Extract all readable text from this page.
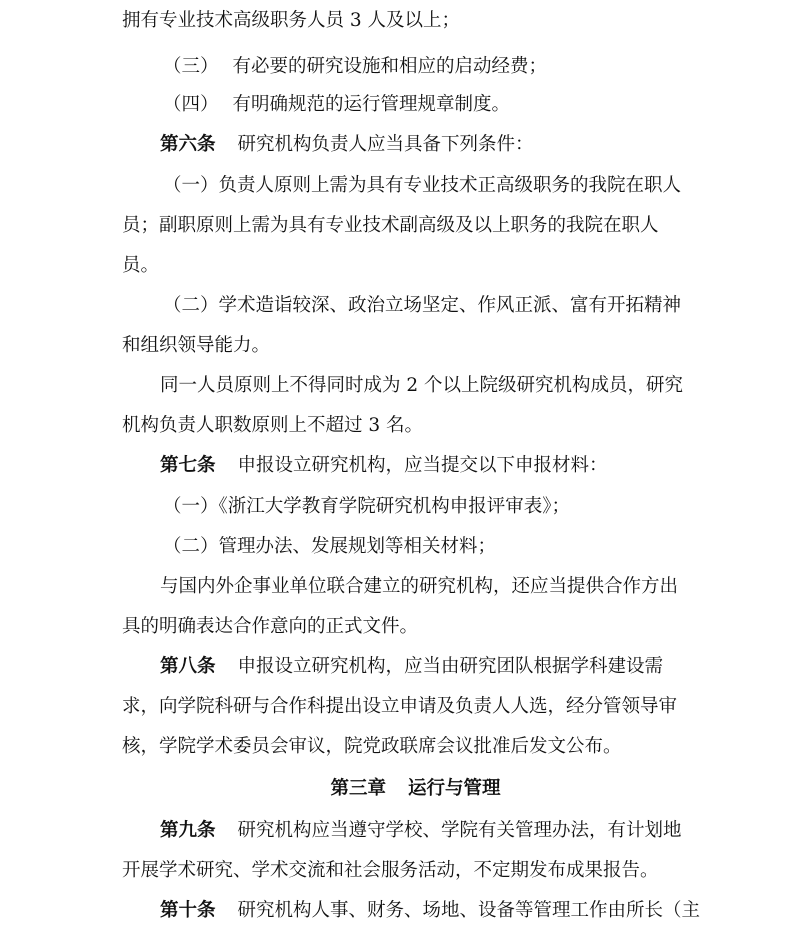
拥有专业技术高级职务人员 3 人及以上；
（三） 有必要的研究设施和相应的启动经费；
（四） 有明确规范的运行管理规章制度。
第六条 研究机构负责人应当具备下列条件：
（一）负责人原则上需为具有专业技术正高级职务的我院在职人
员；副职原则上需为具有专业技术副高级及以上职务的我院在职人
员。
（二）学术造诣较深、政治立场坚定、作风正派、富有开拓精神
和组织领导能力。
同一人员原则上不得同时成为 2 个以上院级研究机构成员，研究
机构负责人职数原则上不超过 3 名。
第七条 申报设立研究机构，应当提交以下申报材料：
（一）《浙江大学教育学院研究机构申报评审表》；
（二）管理办法、发展规划等相关材料；
与国内外企事业单位联合建立的研究机构，还应当提供合作方出
具的明确表达合作意向的正式文件。
第八条 申报设立研究机构，应当由研究团队根据学科建设需
求，向学院科研与合作科提出设立申请及负责人人选，经分管领导审
核，学院学术委员会审议，院党政联席会议批准后发文公布。
第三章 运行与管理
第九条 研究机构应当遵守学校、学院有关管理办法，有计划地
开展学术研究、学术交流和社会服务活动，不定期发布成果报告。
第十条 研究机构人事、财务、场地、设备等管理工作由所长（主
